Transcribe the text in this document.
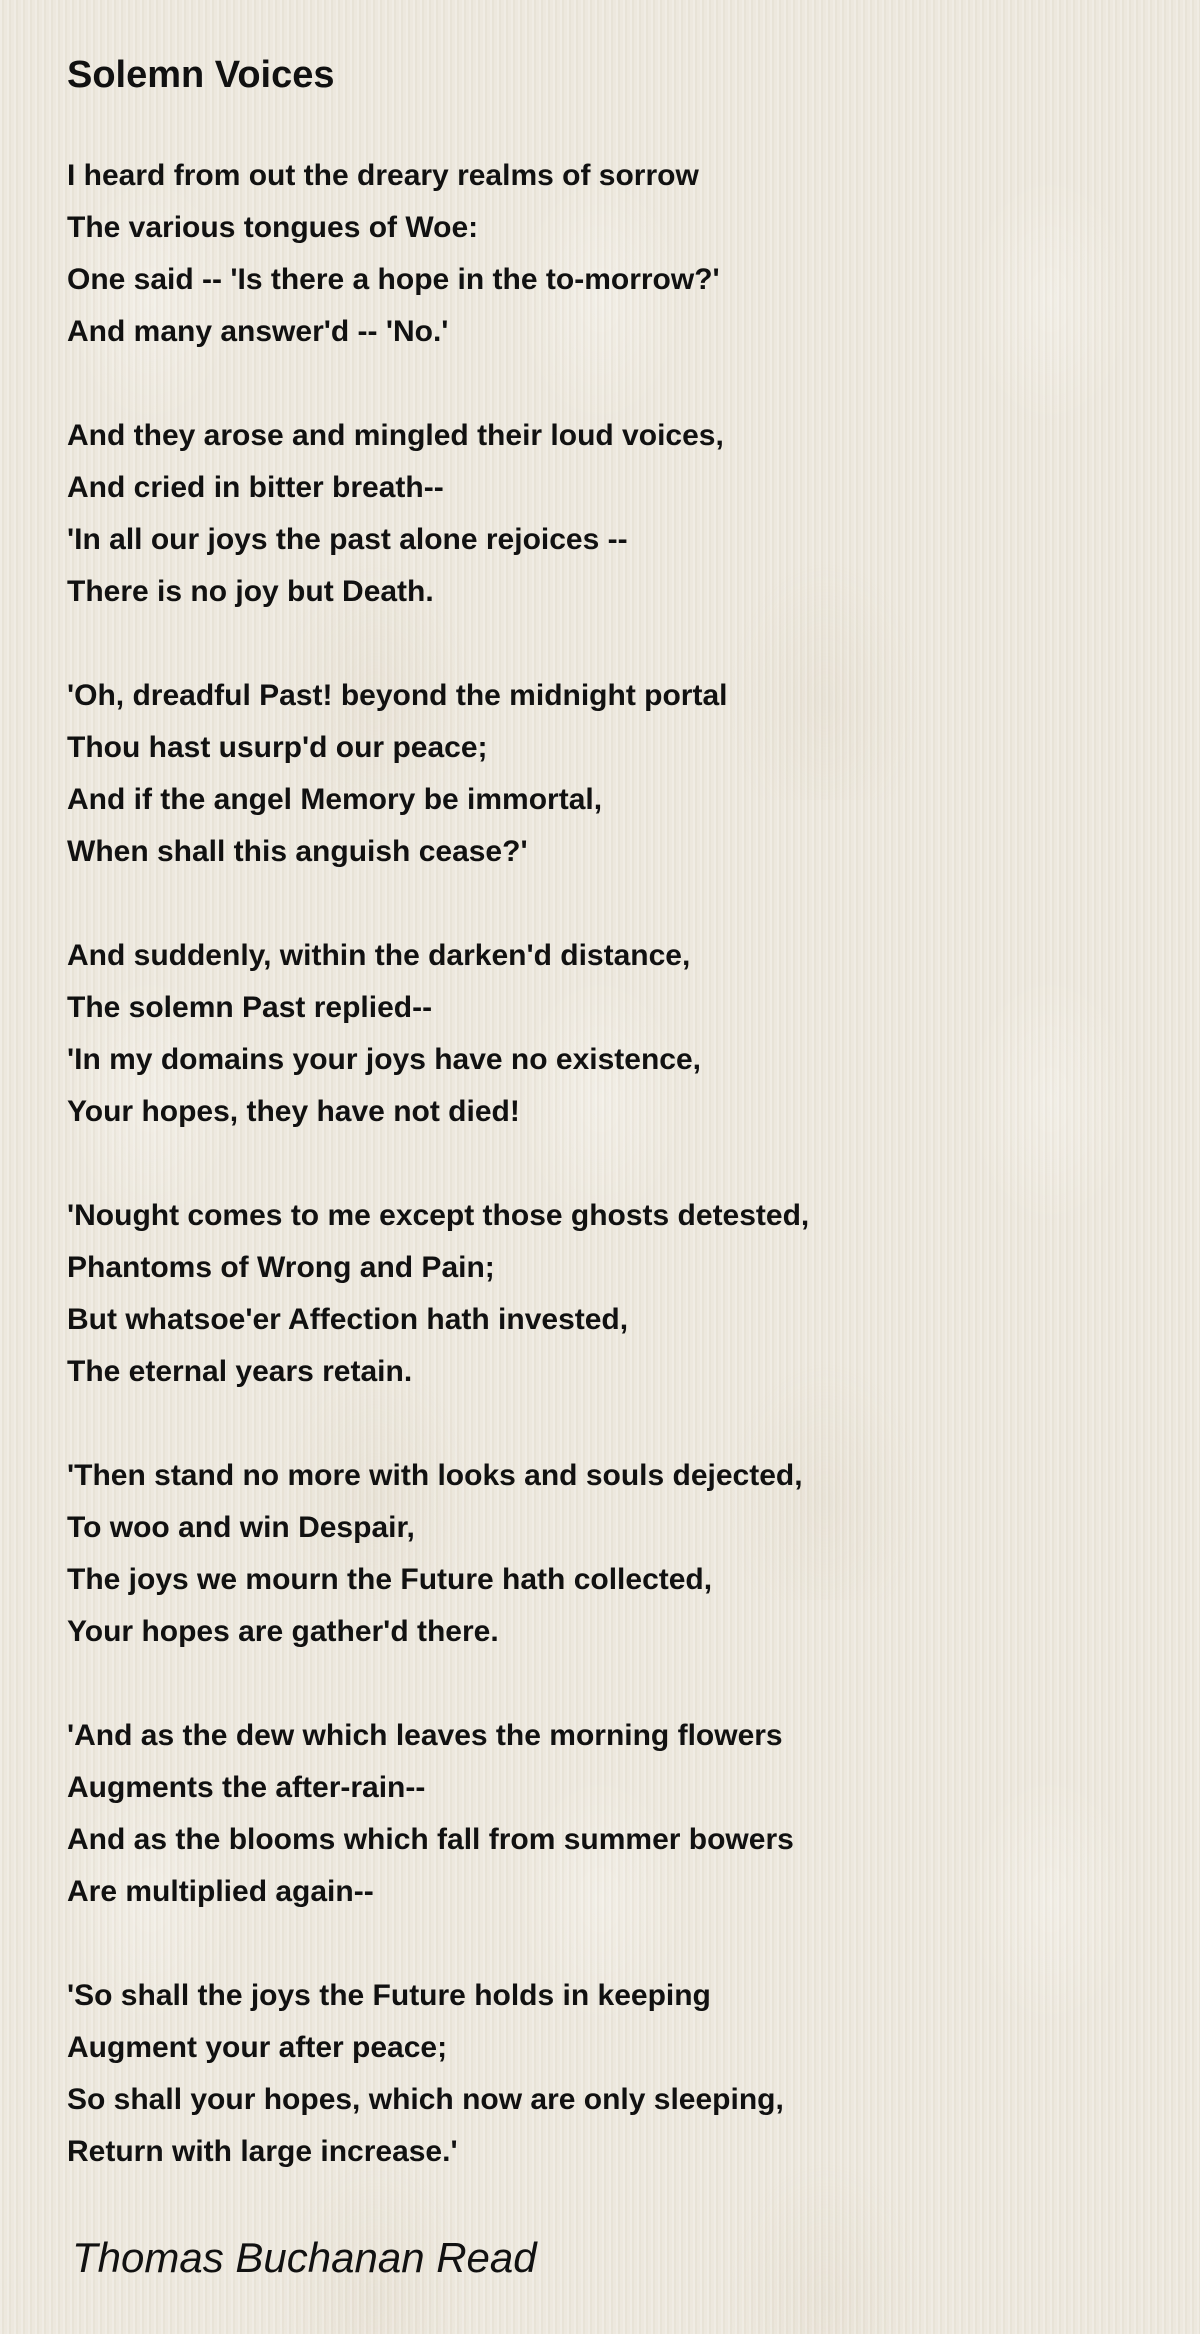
Solemn Voices
I heard from out the dreary realms of sorrow
The various tongues of Woe:
One said -- 'Is there a hope in the to-morrow?'
And many answer'd -- 'No.'
And they arose and mingled their loud voices,
And cried in bitter breath--
'In all our joys the past alone rejoices --
There is no joy but Death.
'Oh, dreadful Past! beyond the midnight portal
Thou hast usurp'd our peace;
And if the angel Memory be immortal,
When shall this anguish cease?'
And suddenly, within the darken'd distance,
The solemn Past replied--
'In my domains your joys have no existence,
Your hopes, they have not died!
'Nought comes to me except those ghosts detested,
Phantoms of Wrong and Pain;
But whatsoe'er Affection hath invested,
The eternal years retain.
'Then stand no more with looks and souls dejected,
To woo and win Despair,
The joys we mourn the Future hath collected,
Your hopes are gather'd there.
'And as the dew which leaves the morning flowers
Augments the after-rain--
And as the blooms which fall from summer bowers
Are multiplied again--
'So shall the joys the Future holds in keeping
Augment your after peace;
So shall your hopes, which now are only sleeping,
Return with large increase.'
Thomas Buchanan Read
